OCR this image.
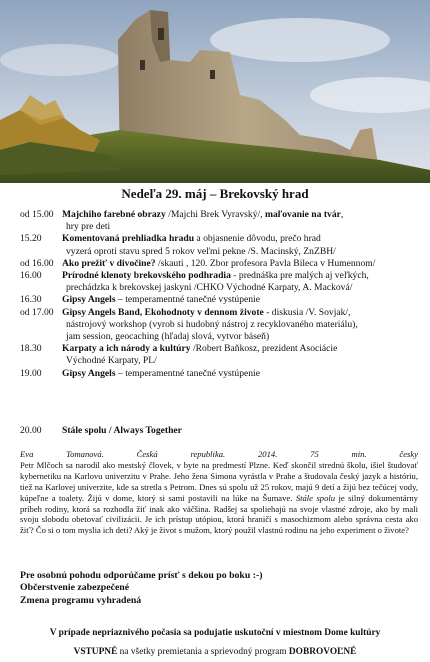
Nedeľa 29. máj – Brekovský hrad
od 15.00 Majchiho farebné obrazy /Majchi Brek Vyravský/, maľovanie na tvár,
hry pre deti
15.20	Komentovaná prehliadka hradu a objasnenie dôvodu, prečo hrad
vyzerá oproti stavu spred 5 rokov veľmi pekne /S. Macinský, ZnZBH/
od 16.00 Ako prežiť v divočine? /skauti , 120. Zbor profesora Pavla Bileca v Humennom/
16.00	Prírodné klenoty brekovského podhradia - prednáška pre malých aj veľkých,
prechádzka k brekovskej jaskyni /CHKO Východné Karpaty, A. Macková/
16.30	Gipsy Angels – temperamentné tanečné vystúpenie
od 17.00 Gipsy Angels Band, Ekohodnoty v dennom živote - diskusia /V. Sovjak/,
nástrojový workshop (vyrob si hudobný nástroj z recyklovaného materiálu),
jam session, geocaching (hľadaj slová, vytvor báseň)
18.30	Karpaty a ich národy a kultúry /Robert Baňkosz, prezident Asociácie
Východné Karpaty, PL/
19.00	Gipsy Angels – temperamentné tanečné vystúpenie
20.00	Stále spolu / Always Together
Eva	Tomanová.	Česká	republika.	2014.	75	min.	česky
Petr Mlčoch sa narodil ako mestský človek, v byte na predmestí Plzne. Keď skončil strednú školu, išiel študovať kybernetiku na Karlovu univerzitu v Prahe. Jeho žena Simona vyrástla v Prahe a študovala český jazyk a históriu, tiež na Karlovej univerzite, kde sa stretla s Petrom. Dnes sú spolu už 25 rokov, majú 9 detí a žijú bez tečúcej vody, kúpeľne a toalety. Žijú v dome, ktorý si sami postavili na lúke na Šumave. Stále spolu je silný dokumentárny príbeh rodiny, ktorá sa rozhodla žiť inak ako väčšina. Radšej sa spoliehajú na svoje vlastné zdroje, ako by mali svoju slobodu obetovať civilizácii. Je ich prístup utópiou, ktorá hraničí s masochizmom alebo správna cesta ako žiť? Čo si o tom myslia ich deti? Aký je život s mužom, ktorý použil vlastnú rodinu na jeho experiment o živote?
Pre osobnú pohodu odporúčame prísť s dekou po boku :-)
Občerstvenie zabezpečené
Zmena programu vyhradená
V prípade nepriaznivého počasia sa podujatie uskutoční v miestnom Dome kultúry
VSTUPNÉ na všetky premietania a sprievodný program DOBROVOĽNÉ
